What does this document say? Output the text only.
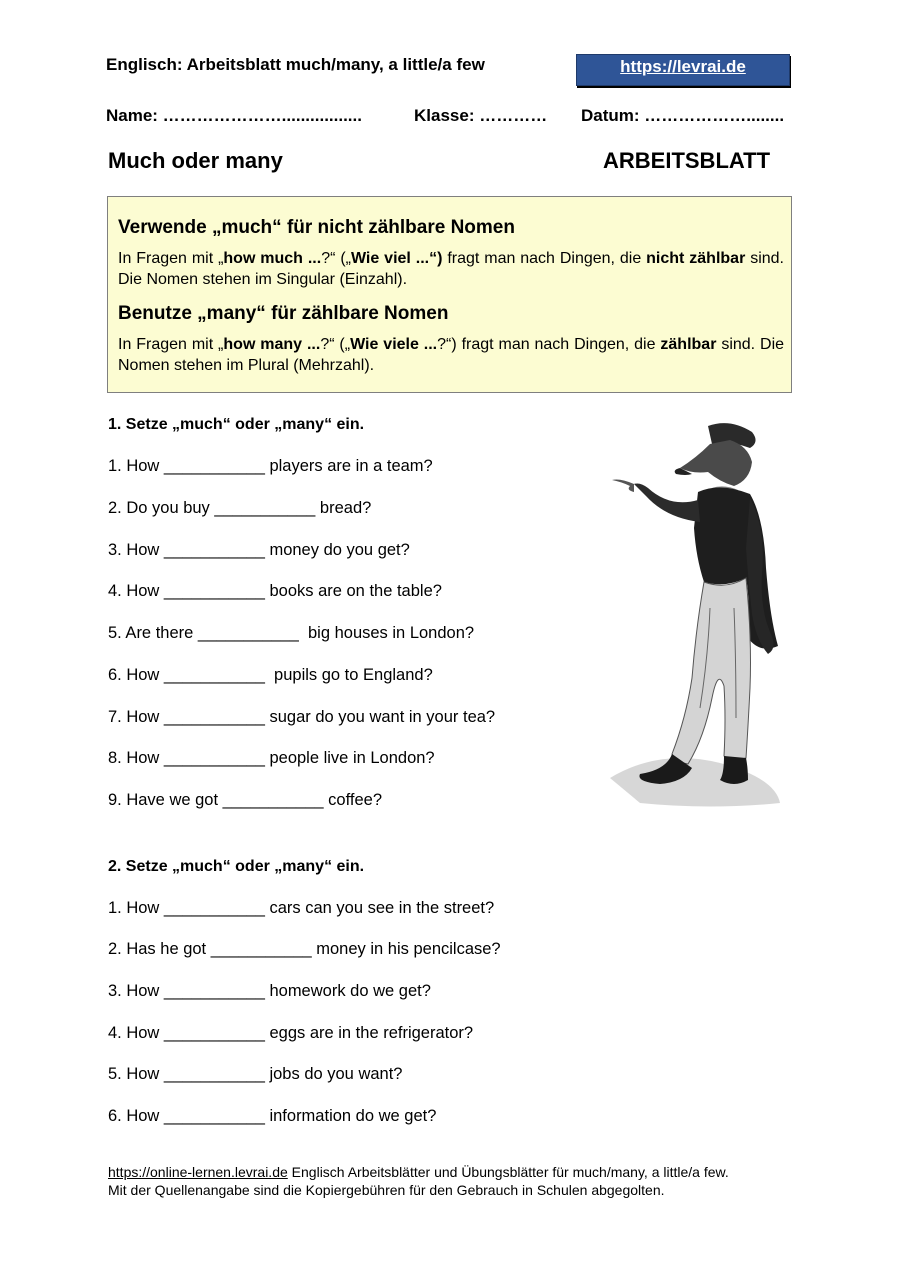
Englisch: Arbeitsblatt much/many, a little/a few	https://levrai.de
Name: ………………….................	Klasse: ………… Datum: ………………........
Much oder many	ARBEITSBLATT
Verwende „much“ für nicht zählbare Nomen
In Fragen mit „how much ...?“ („Wie viel ...“) fragt man nach Dingen, die nicht zählbar sind. Die Nomen stehen im Singular (Einzahl).
Benutze „many“ für zählbare Nomen
In Fragen mit „how many ...?“ („Wie viele ...?“) fragt man nach Dingen, die zählbar sind. Die Nomen stehen im Plural (Mehrzahl).
1. Setze „much“ oder „many“ ein.
1. How ___________ players are in a team?
2. Do you buy ___________ bread?
3. How ___________ money do you get?
4. How ___________ books are on the table?
5. Are there ___________  big houses in London?
6. How ___________  pupils go to England?
7. How ___________ sugar do you want in your tea?
8. How ___________ people live in London?
9. Have we got ___________ coffee?
2. Setze „much“ oder „many“ ein.
1. How ___________ cars can you see in the street?
2. Has he got ___________ money in his pencilcase?
3. How ___________ homework do we get?
4. How ___________ eggs are in the refrigerator?
5. How ___________ jobs do you want?
6. How ___________ information do we get?
https://online-lernen.levrai.de Englisch Arbeitsblätter und Übungsblätter für much/many, a little/a few.
Mit der Quellenangabe sind die Kopiergebühren für den Gebrauch in Schulen abgegolten.
